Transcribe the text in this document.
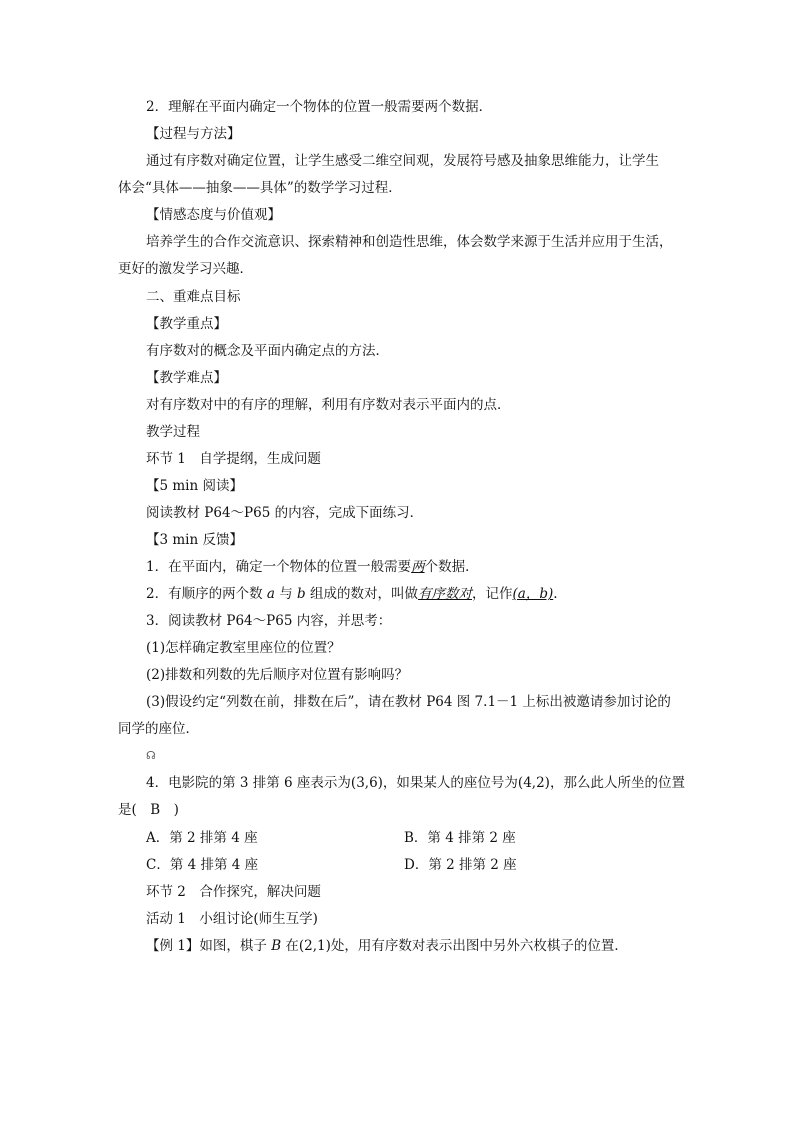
2．理解在平面内确定一个物体的位置一般需要两个数据．
【过程与方法】
通过有序数对确定位置，让学生感受二维空间观，发展符号感及抽象思维能力，让学生
体会“具体——抽象——具体”的数学学习过程．
【情感态度与价值观】
培养学生的合作交流意识、探索精神和创造性思维，体会数学来源于生活并应用于生活，
更好的激发学习兴趣．
二、重难点目标
【教学重点】
有序数对的概念及平面内确定点的方法．
【教学难点】
对有序数对中的有序的理解，利用有序数对表示平面内的点．
教学过程
环节 1　自学提纲，生成问题
【5 min 阅读】
阅读教材 P64～P65 的内容，完成下面练习．
【3 min 反馈】
1．在平面内，确定一个物体的位置一般需要两个数据．
2．有顺序的两个数 a 与 b 组成的数对，叫做有序数对，记作(a，b).
3．阅读教材 P64～P65 内容，并思考：
(1)怎样确定教室里座位的位置？
(2)排数和列数的先后顺序对位置有影响吗？
(3)假设约定“列数在前，排数在后”，请在教材 P64 图 7.1－1 上标出被邀请参加讨论的
同学的座位．
☊
4．电影院的第 3 排第 6 座表示为(3,6)，如果某人的座位号为(4,2)，那么此人所坐的位置
是(　B　)
A．第 2 排第 4 座	B．第 4 排第 2 座
C．第 4 排第 4 座	D．第 2 排第 2 座
环节 2　合作探究，解决问题
活动 1　小组讨论(师生互学)
【例 1】如图，棋子 B 在(2,1)处，用有序数对表示出图中另外六枚棋子的位置．
